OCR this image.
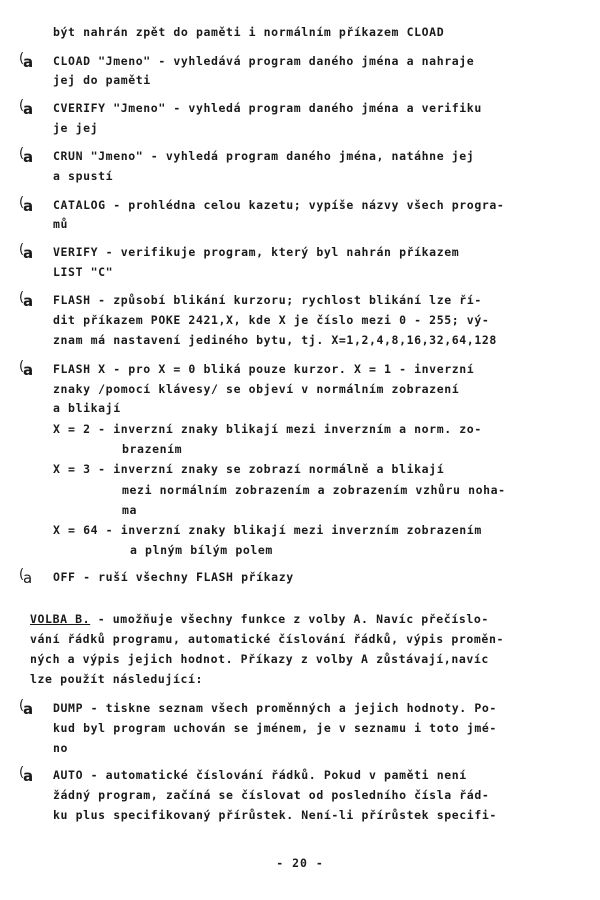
být nahrán zpět do paměti i normálním příkazem CLOAD
(
a CLOAD "Jmeno" - vyhledává program daného jména a nahraje
jej do paměti
(
a CVERIFY "Jmeno" - vyhledá program daného jména a verifiku
je jej
(
a CRUN "Jmeno" - vyhledá program daného jména, natáhne jej
a spustí
(
a CATALOG - prohlédna celou kazetu; vypíše názvy všech progra-
mů
(
a VERIFY - verifikuje program, který byl nahrán příkazem
LIST "C"
(
a FLASH - způsobí blikání kurzoru; rychlost blikání lze ří-
dit příkazem POKE 2421,X, kde X je číslo mezi 0 - 255; vý-
znam má nastavení jediného bytu, tj. X=1,2,4,8,16,32,64,128
(
a FLASH X - pro X = 0 bliká pouze kurzor. X = 1 - inverzní
znaky /pomocí klávesy/ se objeví v normálním zobrazení
a blikají
X = 2 - inverzní znaky blikají mezi inverzním a norm. zo-
brazením
X = 3 - inverzní znaky se zobrazí normálně a blikají
mezi normálním zobrazením a zobrazením vzhůru noha-
ma
X = 64 - inverzní znaky blikají mezi inverzním zobrazením
a plným bílým polem
(
a OFF - ruší všechny FLASH příkazy
VOLBA B. - umožňuje všechny funkce z volby A. Navíc přečíslo-
vání řádků programu, automatické číslování řádků, výpis proměn-
ných a výpis jejich hodnot. Příkazy z volby A zůstávají,navíc
lze použít následující:
(
a DUMP - tiskne seznam všech proměnných a jejich hodnoty. Po-
kud byl program uchován se jménem, je v seznamu i toto jmé-
no
(
a AUTO - automatické číslování řádků. Pokud v paměti není
žádný program, začíná se číslovat od posledního čísla řád-
ku plus specifikovaný přírůstek. Není-li přírůstek specifi-
- 20 -
